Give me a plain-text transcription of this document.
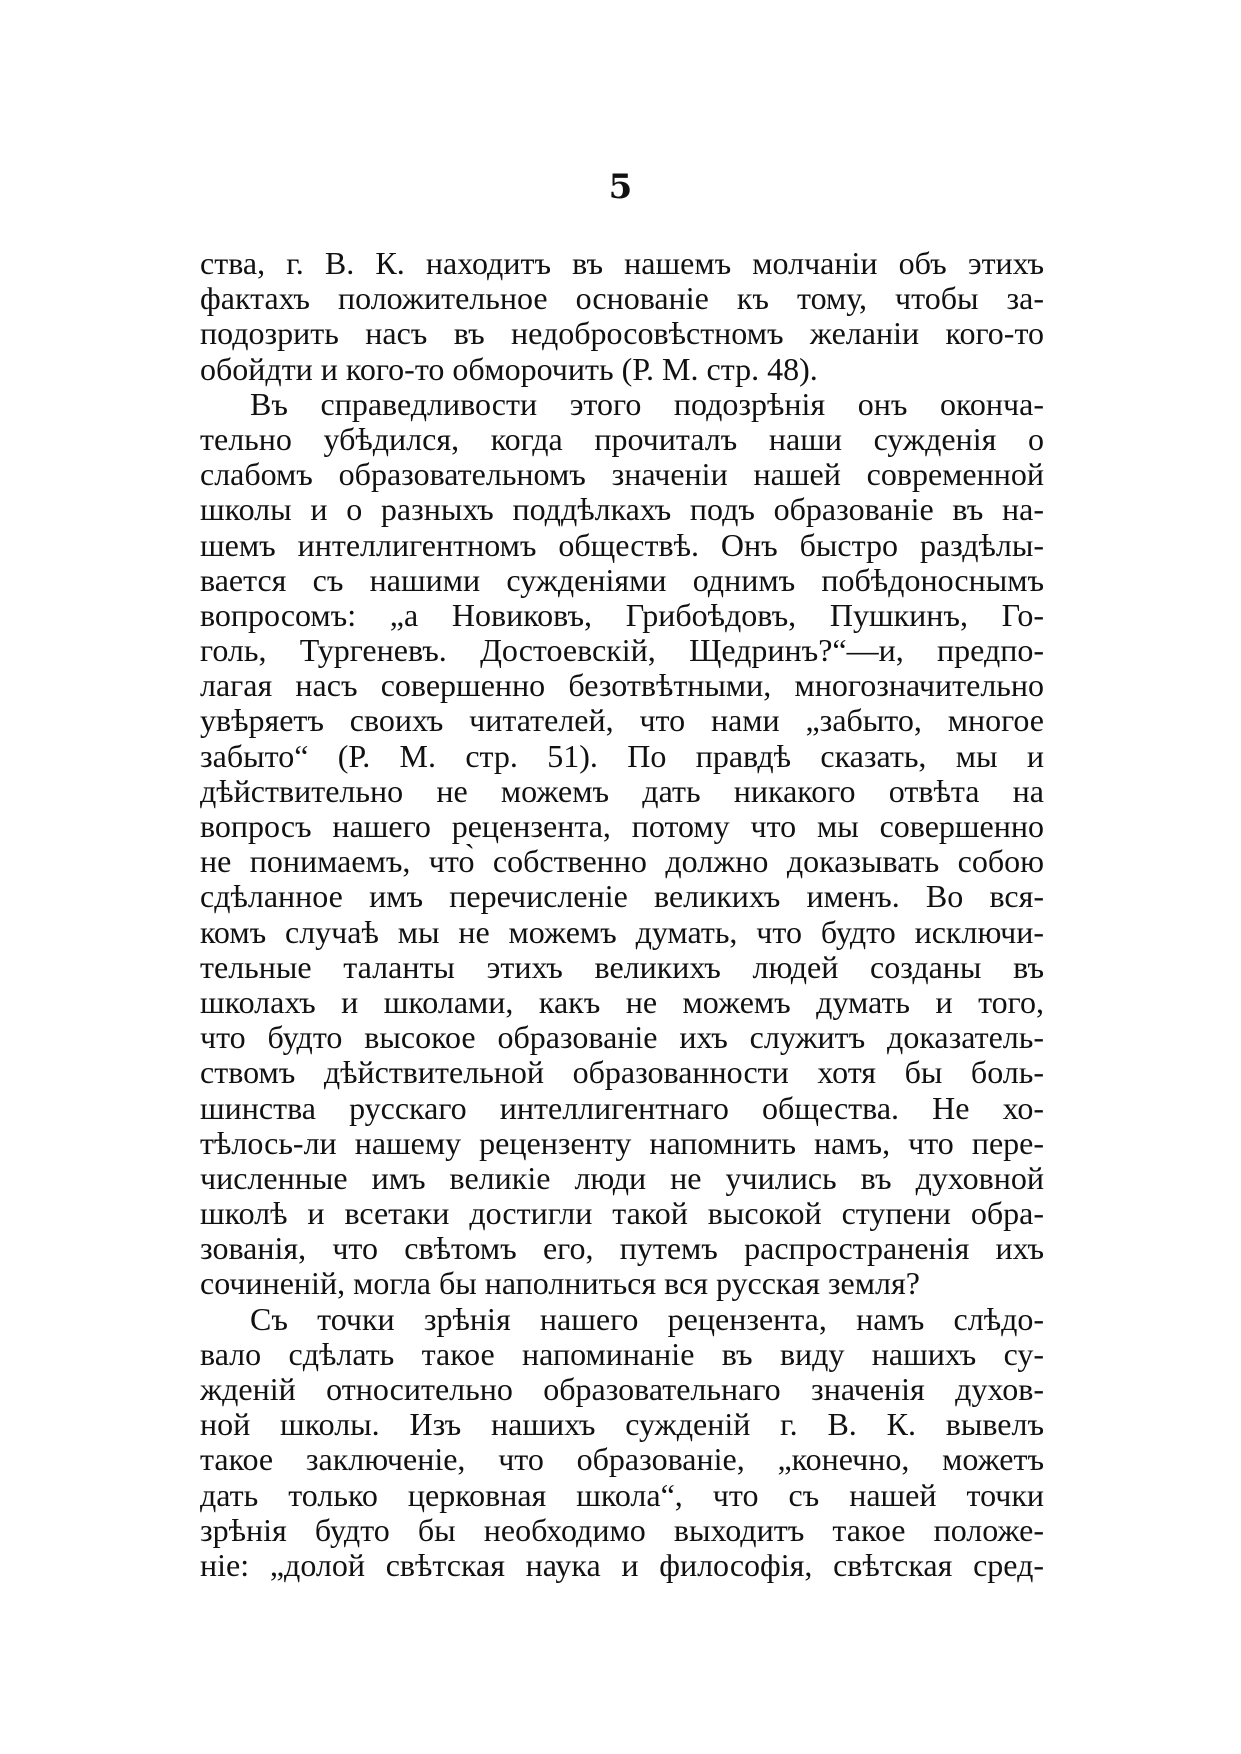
5
ства, г. В. К. находитъ въ нашемъ молчаніи объ этихъ
фактахъ положительное основаніе къ тому, чтобы за-
подозрить насъ въ недобросовѣстномъ желаніи кого-то
обойдти и кого-то обморочить (Р. М. стр. 48).
Въ справедливости этого подозрѣнія онъ оконча-
тельно убѣдился, когда прочиталъ наши сужденія о
слабомъ образовательномъ значеніи нашей современной
школы и о разныхъ поддѣлкахъ подъ образованіе въ на-
шемъ интеллигентномъ обществѣ. Онъ быстро раздѣлы-
вается съ нашими сужденіями однимъ побѣдоноснымъ
вопросомъ: „а Новиковъ, Грибоѣдовъ, Пушкинъ, Го-
голь, Тургеневъ. Достоевскій, Щедринъ?“—и, предпо-
лагая насъ совершенно безотвѣтными, многозначительно
увѣряетъ своихъ читателей, что нами „забыто, многое
забыто“ (Р. М. стр. 51). По правдѣ сказать, мы и
дѣйствительно не можемъ дать никакого отвѣта на
вопросъ нашего рецензента, потому что мы совершенно
не понимаемъ, что̀ собственно должно доказывать собою
сдѣланное имъ перечисленіе великихъ именъ. Во вся-
комъ случаѣ мы не можемъ думать, что будто исключи-
тельные таланты этихъ великихъ людей созданы въ
школахъ и школами, какъ не можемъ думать и того,
что будто высокое образованіе ихъ служитъ доказатель-
ствомъ дѣйствительной образованности хотя бы боль-
шинства русскаго интеллигентнаго общества. Не хо-
тѣлось-ли нашему рецензенту напомнить намъ, что пере-
численные имъ великіе люди не учились въ духовной
школѣ и всетаки достигли такой высокой ступени обра-
зованія, что свѣтомъ его, путемъ распространенія ихъ
сочиненій, могла бы наполниться вся русская земля?
Съ точки зрѣнія нашего рецензента, намъ слѣдо-
вало сдѣлать такое напоминаніе въ виду нашихъ су-
жденій относительно образовательнаго значенія духов-
ной школы. Изъ нашихъ сужденій г. В. К. вывелъ
такое заключеніе, что образованіе, „конечно, можетъ
дать только церковная школа“, что съ нашей точки
зрѣнія будто бы необходимо выходитъ такое положе-
ніе: „долой свѣтская наука и философія, свѣтская сред-
